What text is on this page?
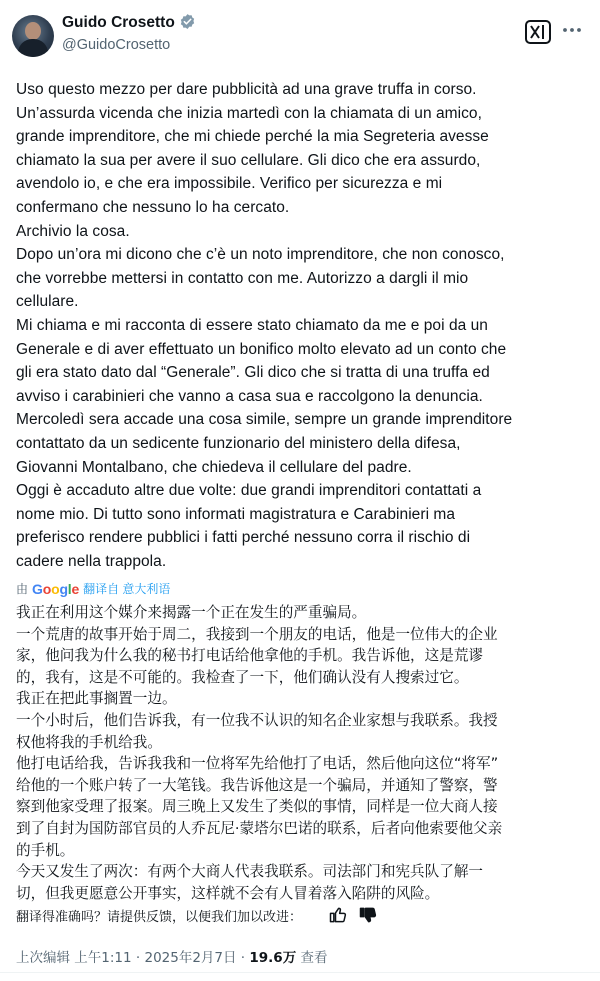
Guido Crosetto
@GuidoCrosetto
Uso questo mezzo per dare pubblicità ad una grave truffa in corso.
Un’assurda vicenda che inizia martedì con la chiamata di un amico,
grande imprenditore, che mi chiede perché la mia Segreteria avesse
chiamato la sua per avere il suo cellulare. Gli dico che era assurdo,
avendolo io, e che era impossibile. Verifico per sicurezza e mi
confermano che nessuno lo ha cercato.
Archivio la cosa.
Dopo un’ora mi dicono che c’è un noto imprenditore, che non conosco,
che vorrebbe mettersi in contatto con me. Autorizzo a dargli il mio
cellulare.
Mi chiama e mi racconta di essere stato chiamato da me e poi da un
Generale e di aver effettuato un bonifico molto elevato ad un conto che
gli era stato dato dal “Generale”. Gli dico che si tratta di una truffa ed
avviso i carabinieri che vanno a casa sua e raccolgono la denuncia.
Mercoledì sera accade una cosa simile, sempre un grande imprenditore
contattato da un sedicente funzionario del ministero della difesa,
Giovanni Montalbano, che chiedeva il cellulare del padre.
Oggi è accaduto altre due volte: due grandi imprenditori contattati a
nome mio. Di tutto sono informati magistratura e Carabinieri ma
preferisco rendere pubblici i fatti perché nessuno corra il rischio di
cadere nella trappola.
由 Google 翻译自 意大利语
我正在利用这个媒介来揭露一个正在发生的严重骗局。
一个荒唐的故事开始于周二，我接到一个朋友的电话，他是一位伟大的企业
家，他问我为什么我的秘书打电话给他拿他的手机。我告诉他，这是荒谬
的，我有，这是不可能的。我检查了一下，他们确认没有人搜索过它。
我正在把此事搁置一边。
一个小时后，他们告诉我，有一位我不认识的知名企业家想与我联系。我授
权他将我的手机给我。
他打电话给我，告诉我我和一位将军先给他打了电话，然后他向这位“将军”
给他的一个账户转了一大笔钱。我告诉他这是一个骗局，并通知了警察，警
察到他家受理了报案。周三晚上又发生了类似的事情，同样是一位大商人接
到了自封为国防部官员的人乔瓦尼·蒙塔尔巴诺的联系，后者向他索要他父亲
的手机。
今天又发生了两次：有两个大商人代表我联系。司法部门和宪兵队了解一
切，但我更愿意公开事实，这样就不会有人冒着落入陷阱的风险。
翻译得准确吗？请提供反馈，以便我们加以改进：
上次编辑 上午1:11 · 2025年2月7日 · 19.6万 查看
